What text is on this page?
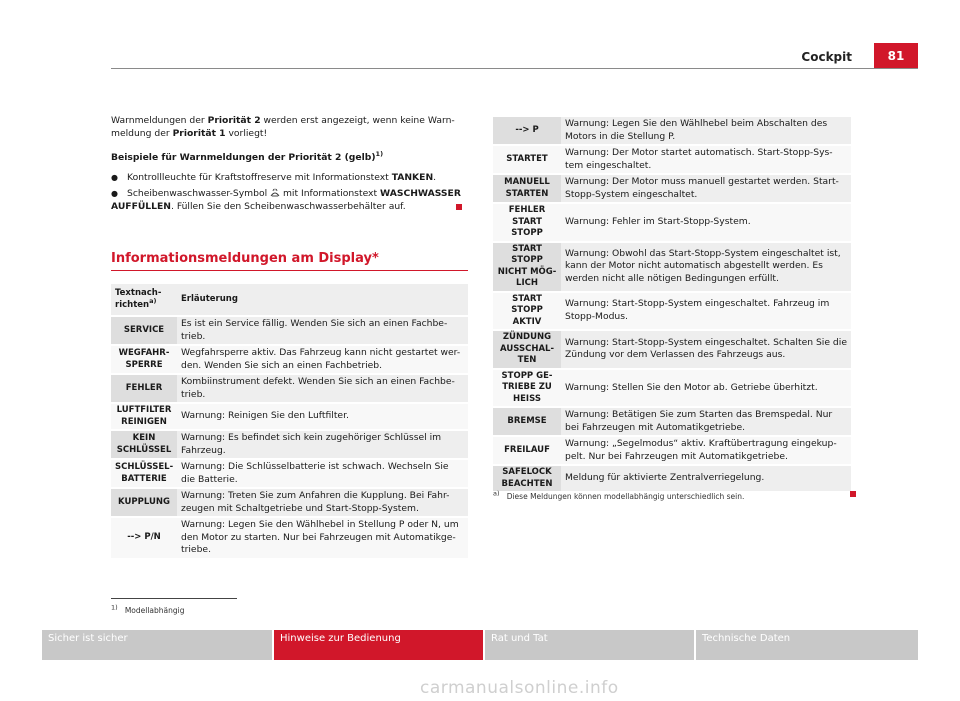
Cockpit	81

Warnmeldungen der Priorität 2 werden erst angezeigt, wenn keine Warn-

meldung der Priorität 1 vorliegt!

Beispiele für Warnmeldungen der Priorität 2 (gelb)$^{1)}$
● Kontrollleuchte für Kraftstoffreserve mit Informationstext TANKEN.
● Scheibenwaschwasser-Symbol  mit Informationstext WASCHWASSER
AUFFÜLLEN. Füllen Sie den Scheibenwaschwasserbehälter auf.
Informationsmeldungen am Display*
Textnach-
richten$^{a)}$	Erläuterung
SERVICE	Es ist ein Service fällig. Wenden Sie sich an einen Fachbe-trieb.
WEGFAHR-
SPERRE	Wegfahrsperre aktiv. Das Fahrzeug kann nicht gestartet wer-den. Wenden Sie sich an einen Fachbetrieb.
FEHLER	Kombiinstrument defekt. Wenden Sie sich an einen Fachbe-trieb.
LUFTFILTER
REINIGEN	Warnung: Reinigen Sie den Luftfilter.
KEIN
SCHLÜSSEL	Warnung: Es befindet sich kein zugehöriger Schlüssel im Fahrzeug.
SCHLÜSSEL-
BATTERIE	Warnung: Die Schlüsselbatterie ist schwach. Wechseln Sie die Batterie.
KUPPLUNG	Warnung: Treten Sie zum Anfahren die Kupplung. Bei Fahr-zeugen mit Schaltgetriebe und Start-Stopp-System.
--> P/N	Warnung: Legen Sie den Wählhebel in Stellung P oder N, um den Motor zu starten. Nur bei Fahrzeugen mit Automatikge-triebe.
--> P	Warnung: Legen Sie den Wählhebel beim Abschalten des Motors in die Stellung P.
STARTET	Warnung: Der Motor startet automatisch. Start-Stopp-Sys-tem eingeschaltet.
MANUELL
STARTEN	Warnung: Der Motor muss manuell gestartet werden. Start-Stopp-System eingeschaltet.
FEHLER
START STOPP	Warnung: Fehler im Start-Stopp-System.
START STOPP
NICHT MÖG-
LICH	Warnung: Obwohl das Start-Stopp-System eingeschaltet ist, kann der Motor nicht automatisch abgestellt werden. Es werden nicht alle nötigen Bedingungen erfüllt.
START STOPP
AKTIV	Warnung: Start-Stopp-System eingeschaltet. Fahrzeug im Stopp-Modus.
ZÜNDUNG
AUSSCHAL-
TEN	Warnung: Start-Stopp-System eingeschaltet. Schalten Sie die Zündung vor dem Verlassen des Fahrzeugs aus.
STOPP GE-
TRIEBE ZU
HEISS	Warnung: Stellen Sie den Motor ab. Getriebe überhitzt.
BREMSE	Warnung: Betätigen Sie zum Starten das Bremspedal. Nur bei Fahrzeugen mit Automatikgetriebe.
FREILAUF	Warnung: „Segelmodus“ aktiv. Kraftübertragung eingekup-pelt. Nur bei Fahrzeugen mit Automatikgetriebe.
SAFELOCK
BEACHTEN	Meldung für aktivierte Zentralverriegelung.
a) Diese Meldungen können modellabhängig unterschiedlich sein.
1) Modellabhängig
Sicher ist sicher	Hinweise zur Bedienung	Rat und Tat	Technische Daten
carmanualsonline.info
